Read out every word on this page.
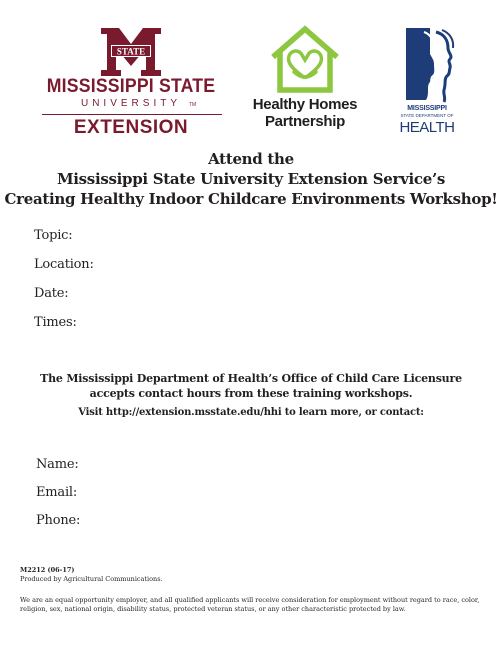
STATE
MISSISSIPPI STATE
UNIVERSITY	TM
EXTENSION
Healthy Homes
Partnership
MISSISSIPPI
STATE DEPARTMENT OF
HEALTH
Attend the
Mississippi State University Extension Service’s
Creating Healthy Indoor Childcare Environments Workshop!
Topic:
Location:
Date:
Times:
The Mississippi Department of Health’s Office of Child Care Licensure
accepts contact hours from these training workshops.
Visit http://extension.msstate.edu/hhi to learn more, or contact:
Name:
Email:
Phone:
M2212 (06-17)
Produced by Agricultural Communications.
We are an equal opportunity employer, and all qualified applicants will receive consideration for employment without regard to race, color,
religion, sex, national origin, disability status, protected veteran status, or any other characteristic protected by law.
